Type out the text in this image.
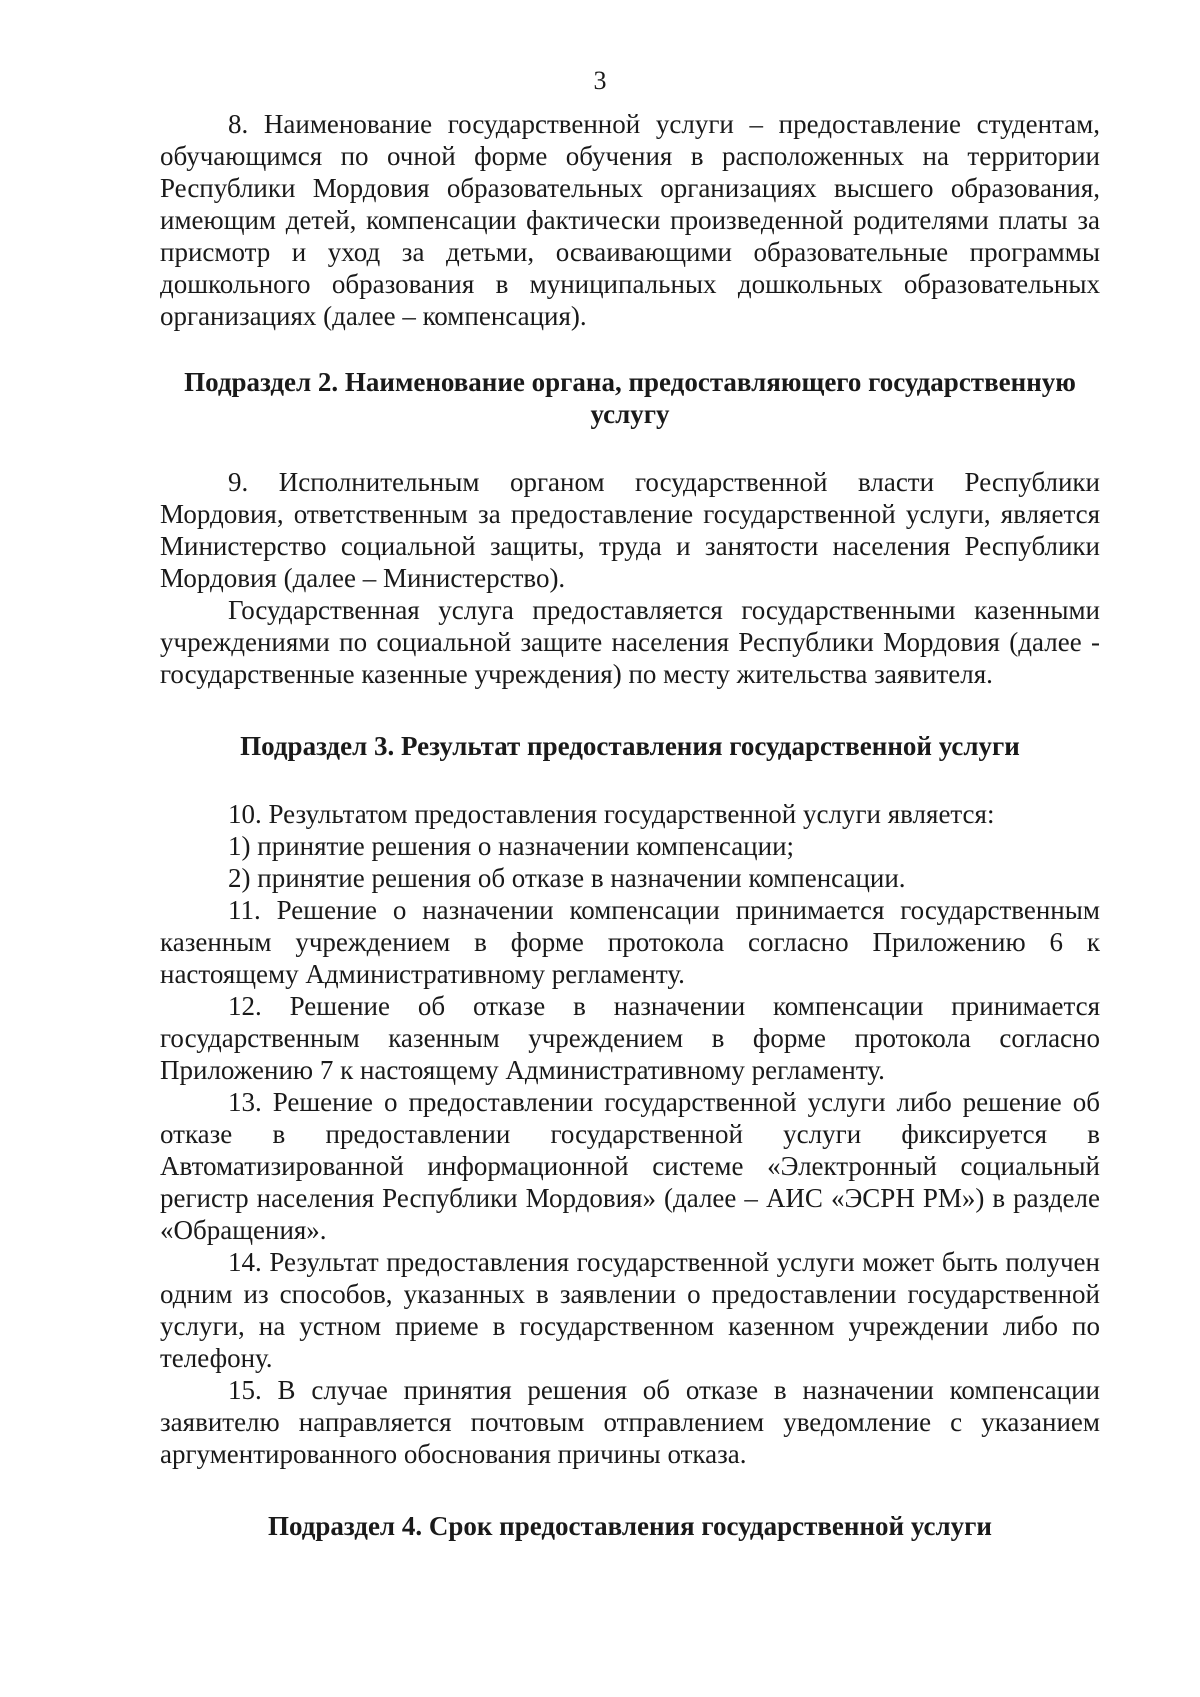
3

8. Наименование государственной услуги – предоставление студентам, обучающимся по очной форме обучения в расположенных на территории Республики Мордовия образовательных организациях высшего образования, имеющим детей, компенсации фактически произведенной родителями платы за присмотр и уход за детьми, осваивающими образовательные программы дошкольного образования в муниципальных дошкольных образовательных организациях (далее – компенсация).

Подраздел 2. Наименование органа, предоставляющего государственную услугу

9. Исполнительным органом государственной власти Республики Мордовия, ответственным за предоставление государственной услуги, является Министерство социальной защиты, труда и занятости населения Республики Мордовия (далее – Министерство).

Государственная услуга предоставляется государственными казенными учреждениями по социальной защите населения Республики Мордовия (далее - государственные казенные учреждения) по месту жительства заявителя.

Подраздел 3. Результат предоставления государственной услуги

10. Результатом предоставления государственной услуги является:

1) принятие решения о назначении компенсации;

2) принятие решения об отказе в назначении компенсации.

11. Решение о назначении компенсации принимается государственным казенным учреждением в форме протокола согласно Приложению 6 к настоящему Административному регламенту.

12. Решение об отказе в назначении компенсации принимается государственным казенным учреждением в форме протокола согласно Приложению 7 к настоящему Административному регламенту.

13. Решение о предоставлении государственной услуги либо решение об отказе в предоставлении государственной услуги фиксируется в Автоматизированной информационной системе «Электронный социальный регистр населения Республики Мордовия» (далее – АИС «ЭСРН РМ») в разделе «Обращения».

14. Результат предоставления государственной услуги может быть получен одним из способов, указанных в заявлении о предоставлении государственной услуги, на устном приеме в государственном казенном учреждении либо по телефону.

15. В случае принятия решения об отказе в назначении компенсации заявителю направляется почтовым отправлением уведомление с указанием аргументированного обоснования причины отказа.

Подраздел 4. Срок предоставления государственной услуги
